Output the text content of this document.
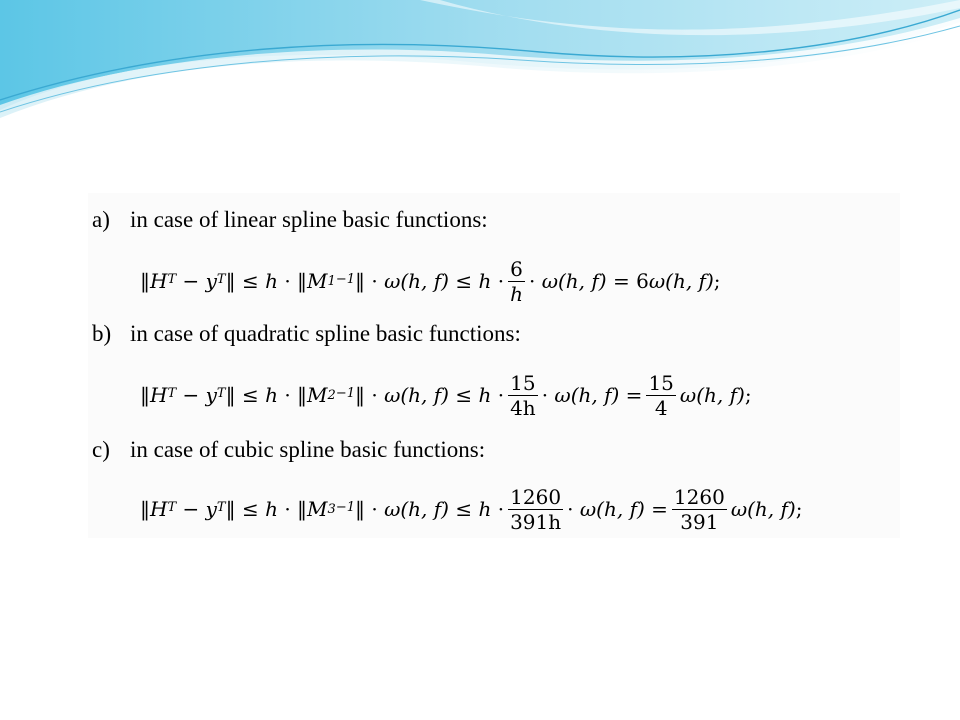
a) in case of linear spline basic functions:
‖ $H^T - y^T$ ‖ ≤ h · ‖ M $1^{-1}$ ‖ · ω(h, $f) \le h \cdot \frac{6}{h} \cdot \omega(h$, f) = 6 ω(h, f) ;
b) in case of quadratic spline basic functions:
‖ $H^T - y^T$ ‖ ≤ h · ‖ M $2^{-1}$ ‖ · ω(h, $f) \le h \cdot \frac{15}{4h} \cdot \omega(h$, $f) = \frac{15}{4} \omega(h$, f) ;
c) in case of cubic spline basic functions:
‖ $H^T - y^T$ ‖ ≤ h · ‖ M $3^{-1}$ ‖ · ω(h, $f) \le h \cdot \frac{1260}{391h} \cdot \omega(h$, $f) = \frac{1260}{391} \omega(h$, f) ;
